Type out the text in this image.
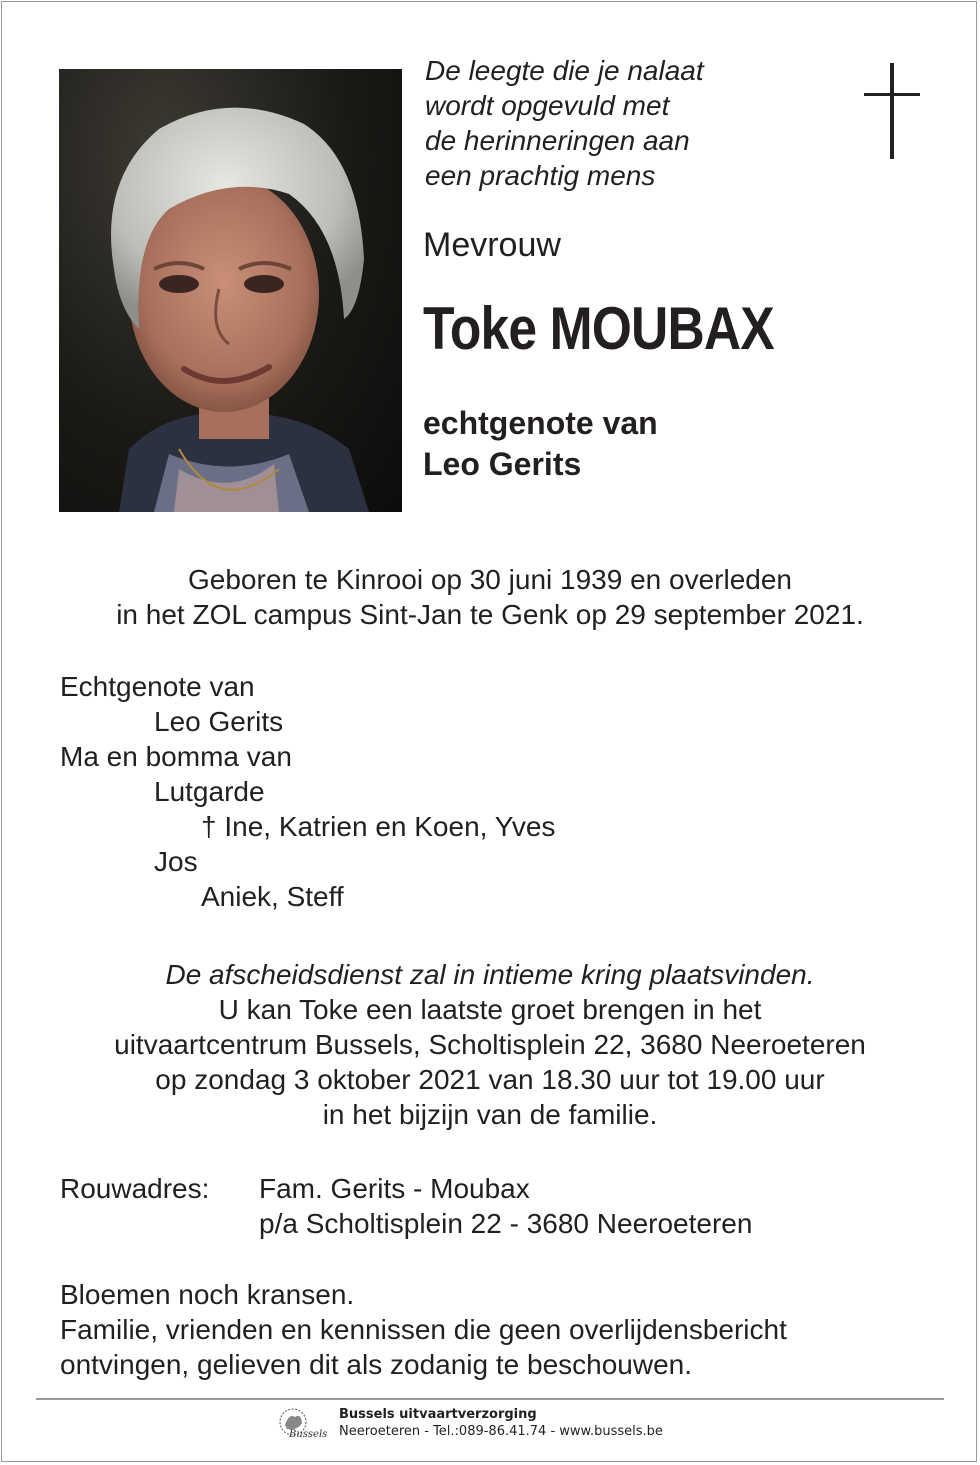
De leegte die je nalaat
wordt opgevuld met
de herinneringen aan
een prachtig mens
Mevrouw
Toke MOUBAX
echtgenote van
Leo Gerits
Geboren te Kinrooi op 30 juni 1939 en overleden
in het ZOL campus Sint-Jan te Genk op 29 september 2021.
Echtgenote van
Leo Gerits
Ma en bomma van
Lutgarde
† Ine, Katrien en Koen, Yves
Jos
Aniek, Steff
De afscheidsdienst zal in intieme kring plaatsvinden.
U kan Toke een laatste groet brengen in het
uitvaartcentrum Bussels, Scholtisplein 22, 3680 Neeroeteren
op zondag 3 oktober 2021 van 18.30 uur tot 19.00 uur
in het bijzijn van de familie.
Rouwadres: Fam. Gerits - Moubax
p/a Scholtisplein 22 - 3680 Neeroeteren
Bloemen noch kransen.
Familie, vrienden en kennissen die geen overlijdensbericht
ontvingen, gelieven dit als zodanig te beschouwen.
Bussels
Bussels uitvaartverzorging
Neeroeteren - Tel.:089-86.41.74 - www.bussels.be
